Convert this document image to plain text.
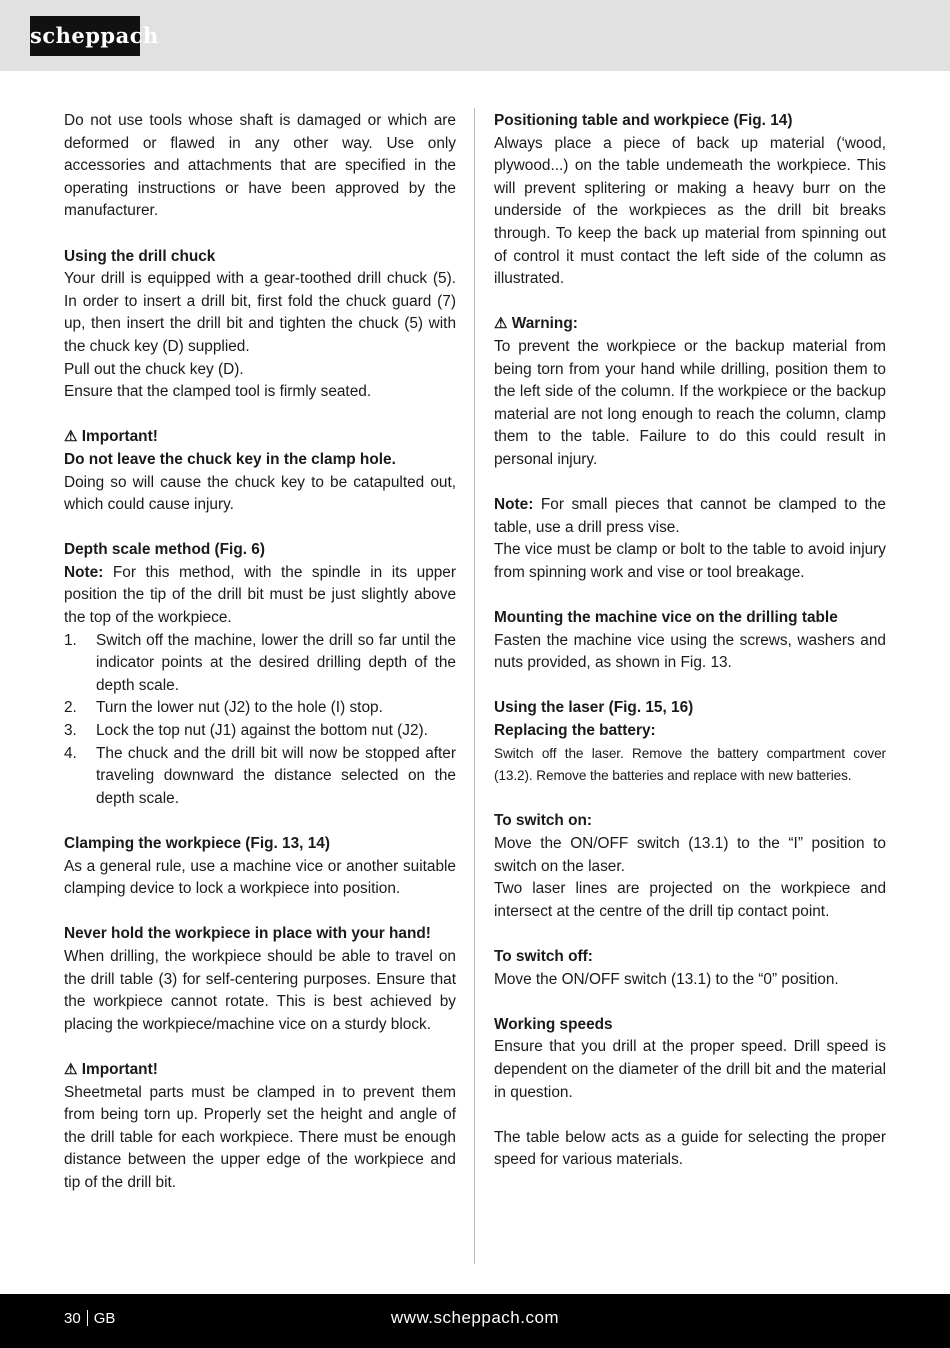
scheppach

Do not use tools whose shaft is damaged or which are deformed or flawed in any other way. Use only accessories and attachments that are specified in the operating instructions or have been approved by the manufacturer.

Using the drill chuck

Your drill is equipped with a gear-toothed drill chuck (5). In order to insert a drill bit, first fold the chuck guard (7) up, then insert the drill bit and tighten the chuck (5) with the chuck key (D) supplied.

Pull out the chuck key (D).

Ensure that the clamped tool is firmly seated.

⚠ Important!

Do not leave the chuck key in the clamp hole.

Doing so will cause the chuck key to be catapulted out, which could cause injury.

Depth scale method (Fig. 6)

Note: For this method, with the spindle in its upper position the tip of the drill bit must be just slightly above the top of the workpiece.

1. Switch off the machine, lower the drill so far until the indicator points at the desired drilling depth of the depth scale.
2. Turn the lower nut (J2) to the hole (I) stop.
3. Lock the top nut (J1) against the bottom nut (J2).
4. The chuck and the drill bit will now be stopped after traveling downward the distance selected on the depth scale.

Clamping the workpiece (Fig. 13, 14)

As a general rule, use a machine vice or another suitable clamping device to lock a workpiece into position.

Never hold the workpiece in place with your hand!

When drilling, the workpiece should be able to travel on the drill table (3) for self-centering purposes. Ensure that the workpiece cannot rotate. This is best achieved by placing the workpiece/machine vice on a sturdy block.

⚠ Important!

Sheetmetal parts must be clamped in to prevent them from being torn up. Properly set the height and angle of the drill table for each workpiece. There must be enough distance between the upper edge of the workpiece and tip of the drill bit.

Positioning table and workpiece (Fig. 14)

Always place a piece of back up material (‘wood, plywood...) on the table undemeath the workpiece. This will prevent splitering or making a heavy burr on the underside of the workpieces as the drill bit breaks through. To keep the back up material from spinning out of control it must contact the left side of the column as illustrated.

⚠ Warning:

To prevent the workpiece or the backup material from being torn from your hand while drilling, position them to the left side of the column. If the workpiece or the backup material are not long enough to reach the column, clamp them to the table. Failure to do this could result in personal injury.

Note: For small pieces that cannot be clamped to the table, use a drill press vise.

The vice must be clamp or bolt to the table to avoid injury from spinning work and vise or tool breakage.

Mounting the machine vice on the drilling table

Fasten the machine vice using the screws, washers and nuts provided, as shown in Fig. 13.

Using the laser (Fig. 15, 16)

Replacing the battery:

Switch off the laser. Remove the battery compartment cover (13.2). Remove the batteries and replace with new batteries.

To switch on:

Move the ON/OFF switch (13.1) to the “I” position to switch on the laser.

Two laser lines are projected on the workpiece and intersect at the centre of the drill tip contact point.

To switch off:

Move the ON/OFF switch (13.1) to the “0” position.

Working speeds

Ensure that you drill at the proper speed. Drill speed is dependent on the diameter of the drill bit and the material in question.

The table below acts as a guide for selecting the proper speed for various materials.

30 GB	www.scheppach.com
